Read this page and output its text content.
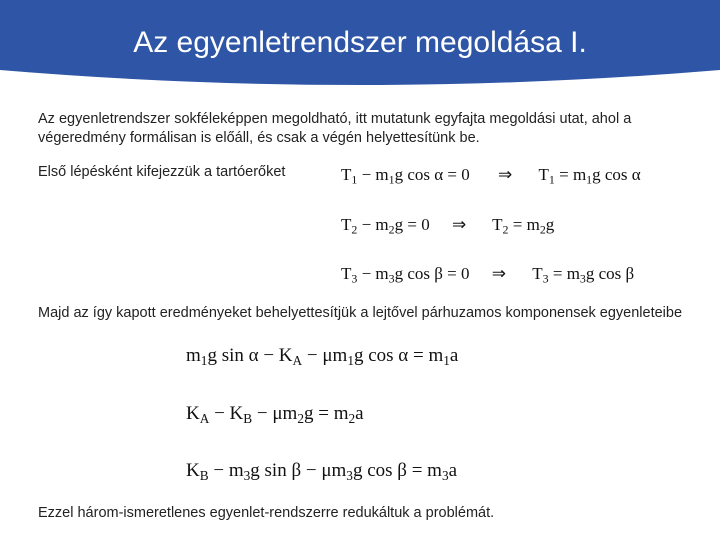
Az egyenletrendszer megoldása I.

Az egyenletrendszer sokféleképpen megoldható, itt mutatunk egyfajta megoldási utat, ahol a végeredmény formálisan is előáll, és csak a végén helyettesítünk be.

Első lépésként kifejezzük a tartóerőket	$T_1 - m_1g$ cos α = 0 ⇒ $T_1 = m_1g$ cos α
$T_2 - m_2g = 0$ ⇒ $T_2 = m_2g$
$T_3 - m_3g$ cos β = 0 ⇒ $T_3 = m_3g$ cos β

Majd az így kapott eredményeket behelyettesítjük a lejtővel párhuzamos komponensek egyenleteibe

$m_1g$ $\sin \alpha - K_A - \mu m_1g$ $\cos \alpha = m_1a$
$K_A - K_B - \mu m_2g = m_2a$
$K_B - m_3g$ $\sin \beta - \mu m_3g$ $\cos \beta = m_3a$

Ezzel három-ismeretlenes egyenlet-rendszerre redukáltuk a problémát.
